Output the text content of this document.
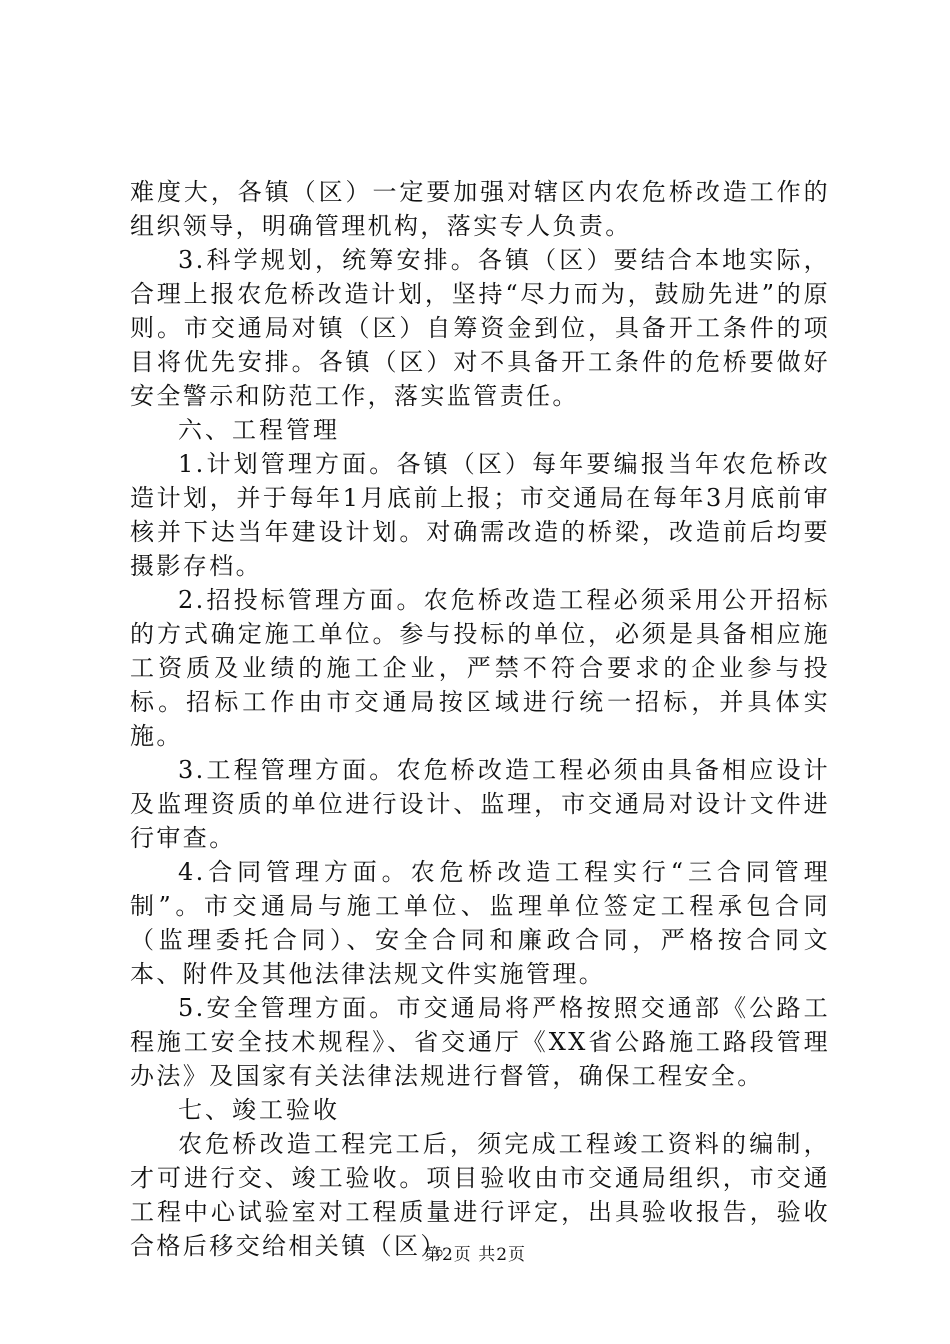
难度大，各镇（区）一定要加强对辖区内农危桥改造工作的组织领导，明确管理机构，落实专人负责。

3.科学规划，统筹安排。各镇（区）要结合本地实际，合理上报农危桥改造计划，坚持“尽力而为，鼓励先进”的原则。市交通局对镇（区）自筹资金到位，具备开工条件的项目将优先安排。各镇（区）对不具备开工条件的危桥要做好安全警示和防范工作，落实监管责任。

六、工程管理

1.计划管理方面。各镇（区）每年要编报当年农危桥改造计划，并于每年1月底前上报；市交通局在每年3月底前审核并下达当年建设计划。对确需改造的桥梁，改造前后均要摄影存档。

2.招投标管理方面。农危桥改造工程必须采用公开招标的方式确定施工单位。参与投标的单位，必须是具备相应施工资质及业绩的施工企业，严禁不符合要求的企业参与投标。招标工作由市交通局按区域进行统一招标，并具体实施。

3.工程管理方面。农危桥改造工程必须由具备相应设计及监理资质的单位进行设计、监理，市交通局对设计文件进行审查。

4.合同管理方面。农危桥改造工程实行“三合同管理制”。市交通局与施工单位、监理单位签定工程承包合同（监理委托合同）、安全合同和廉政合同，严格按合同文本、附件及其他法律法规文件实施管理。

5.安全管理方面。市交通局将严格按照交通部《公路工程施工安全技术规程》、省交通厅《XX省公路施工路段管理办法》及国家有关法律法规进行督管，确保工程安全。

七、竣工验收

农危桥改造工程完工后，须完成工程竣工资料的编制，才可进行交、竣工验收。项目验收由市交通局组织，市交通工程中心试验室对工程质量进行评定，出具验收报告，验收合格后移交给相关镇（区）。

第2页 共2页
